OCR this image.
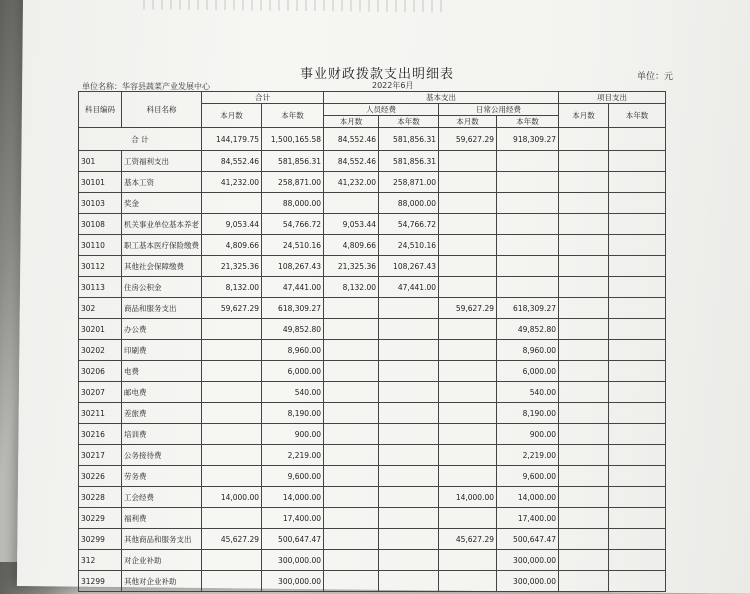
事业财政拨款支出明细表	单位：元
单位名称：华容县蔬菜产业发展中心	2022年6月
科目编码	科目名称	合计		基本支出				项目支出	
		本月数	本年数	人员经费		日常公用经费		本月数	本年数
				本月数	本年数	本月数	本年数		
合 计		144,179.75	1,500,165.58	84,552.46	581,856.31	59,627.29	918,309.27		
301	工资福利支出	84,552.46	581,856.31	84,552.46	581,856.31				
30101	基本工资	41,232.00	258,871.00	41,232.00	258,871.00				
30103	奖金		88,000.00		88,000.00				
30108	机关事业单位基本养老	9,053.44	54,766.72	9,053.44	54,766.72				
30110	职工基本医疗保险缴费	4,809.66	24,510.16	4,809.66	24,510.16				
30112	其他社会保障缴费	21,325.36	108,267.43	21,325.36	108,267.43				
30113	住房公积金	8,132.00	47,441.00	8,132.00	47,441.00				
302	商品和服务支出	59,627.29	618,309.27			59,627.29	618,309.27		
30201	办公费		49,852.80				49,852.80		
30202	印刷费		8,960.00				8,960.00		
30206	电费		6,000.00				6,000.00		
30207	邮电费		540.00				540.00		
30211	差旅费		8,190.00				8,190.00		
30216	培训费		900.00				900.00		
30217	公务接待费		2,219.00				2,219.00		
30226	劳务费		9,600.00				9,600.00		
30228	工会经费	14,000.00	14,000.00			14,000.00	14,000.00		
30229	福利费		17,400.00				17,400.00		
30299	其他商品和服务支出	45,627.29	500,647.47			45,627.29	500,647.47		
312	对企业补助		300,000.00				300,000.00		
31299	其他对企业补助		300,000.00				300,000.00		
